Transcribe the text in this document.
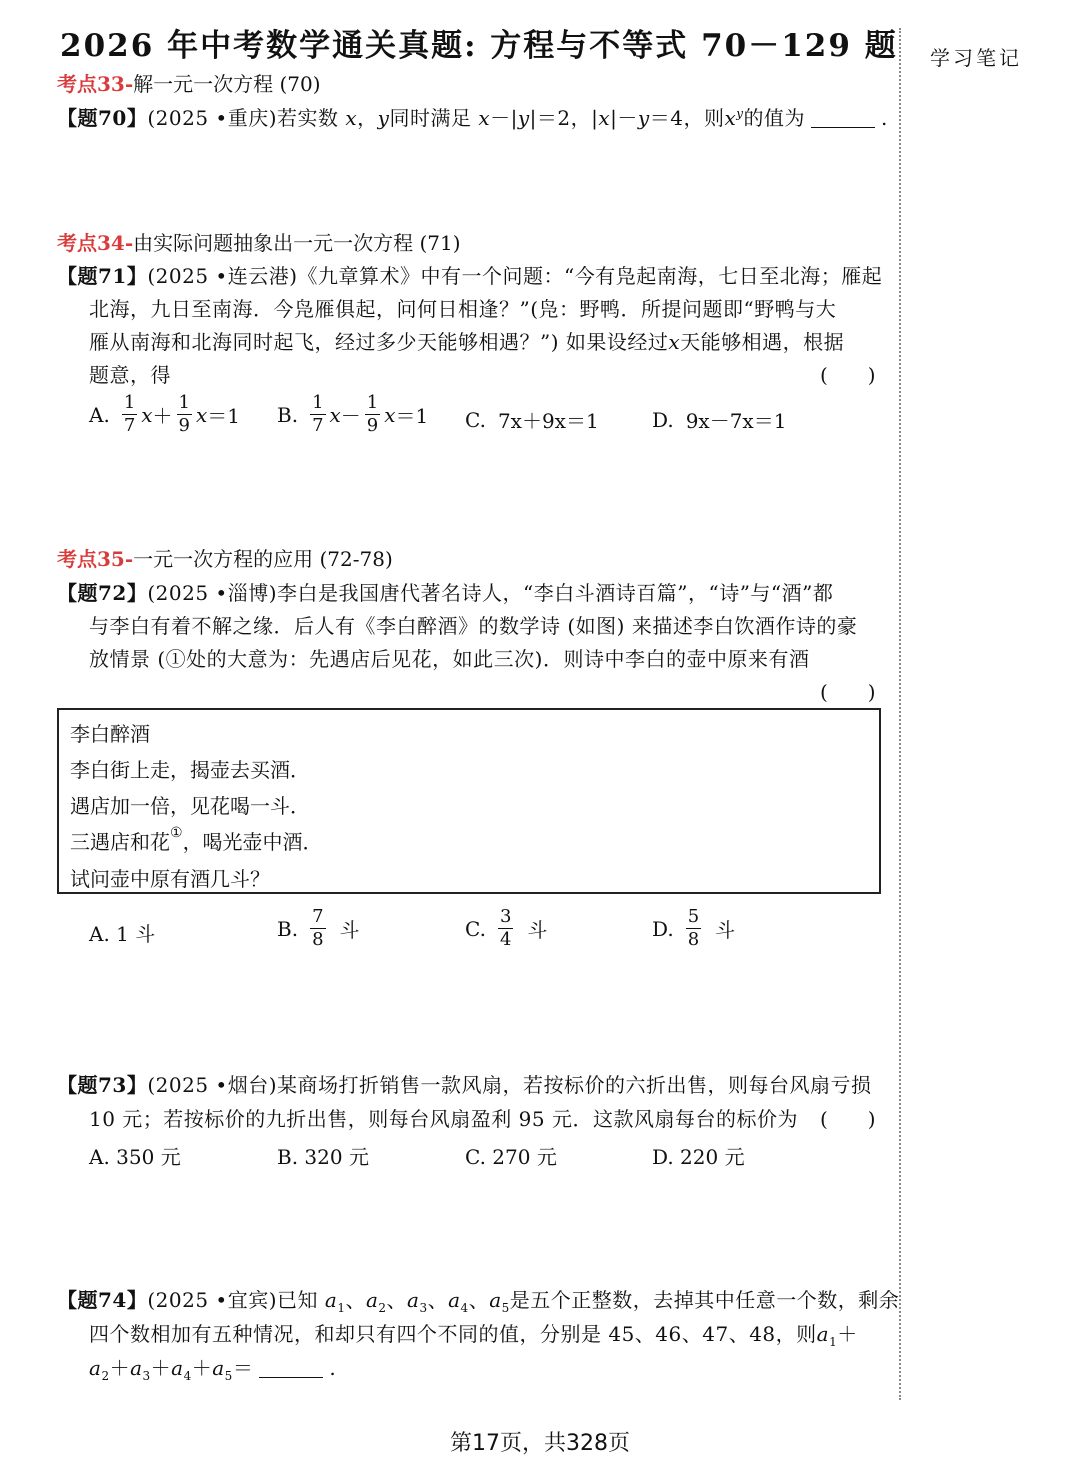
2026 年中考数学通关真题: 方程与不等式 70－129 题 学习笔记
考点33-解一元一次方程 (70)
【题70】(2025 •重庆)若实数 x，y同时满足 x－|y|＝2，|x|－y＝4，则$x^y$的值为	.
考点34-由实际问题抽象出一元一次方程 (71)
【题71】(2025 •连云港)《九章算术》中有一个问题：“今有凫起南海，七日至北海；雁起
北海，九日至南海．今凫雁俱起，问何日相逢？”(凫：野鸭．所提问题即“野鸭与大
雁从南海和北海同时起飞，经过多少天能够相遇？”) 如果设经过x天能够相遇，根据
题意，得	(　　)
A. $\frac{1}{7}$ $x + \frac{1}{9}$ x ＝1 B. $\frac{1}{7}$ $x - \frac{1}{9}$ x ＝1 C. 7x＋9x＝1	D. 9x－7x＝1
考点35-一元一次方程的应用 (72-78)
【题72】(2025 •淄博)李白是我国唐代著名诗人，“李白斗酒诗百篇”，“诗”与“酒”都
与李白有着不解之缘．后人有《李白醉酒》的数学诗 (如图) 来描述李白饮酒作诗的豪
放情景 (①处的大意为：先遇店后见花，如此三次)．则诗中李白的壶中原来有酒
(　　)
李白醉酒
李白街上走，揭壶去买酒．
遇店加一倍，见花喝一斗．
三遇店和花①，喝光壶中酒．
试问壶中原有酒几斗？
A. 1 斗	B. $\frac{7}{8}$ 斗	C. $\frac{3}{4}$ 斗	D. $\frac{5}{8}$ 斗
【题73】(2025 •烟台)某商场打折销售一款风扇，若按标价的六折出售，则每台风扇亏损
10 元；若按标价的九折出售，则每台风扇盈利 95 元．这款风扇每台的标价为 (　　)
A. 350 元	B. 320 元	C. 270 元	D. 220 元
【题74】(2025 •宜宾)已知 $a_1$、$a_2$、$a_3$、$a_4$、$a_5$是五个正整数，去掉其中任意一个数，剩余
四个数相加有五种情况，和却只有四个不同的值，分别是 45、46、47、48，则$a_1+$
$a_2+a_3+a_4+a_5=$	.
第17页，共328页
